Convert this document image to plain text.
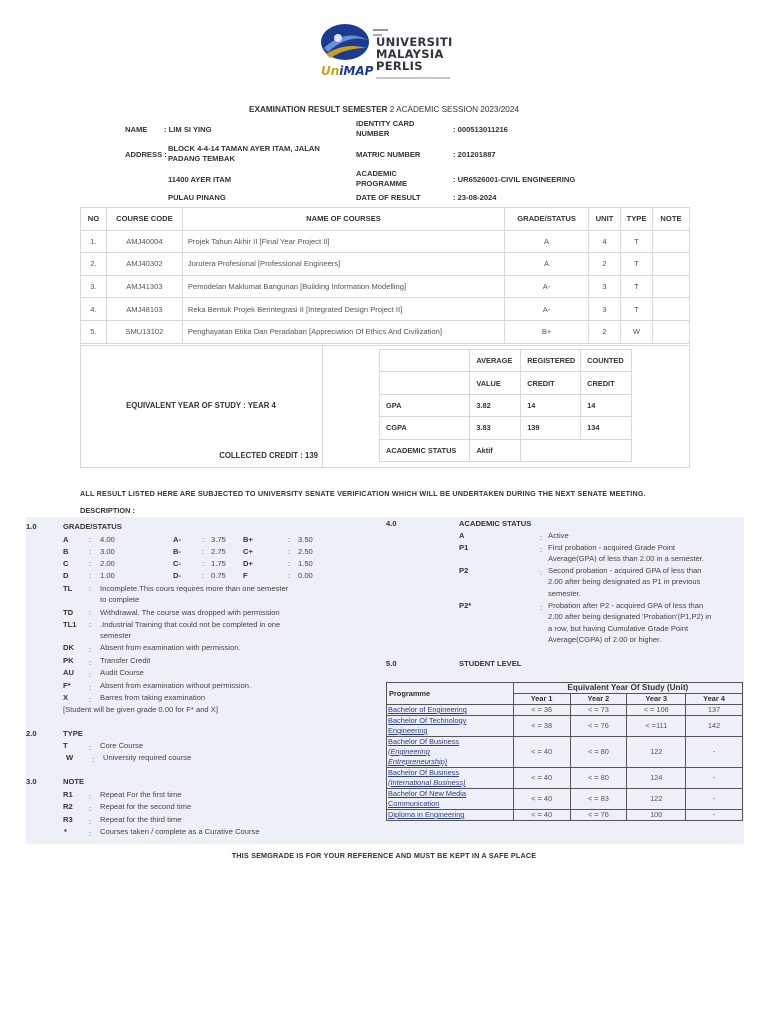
UNIVERSITI
MALAYSIA
PERLIS
UniMAP
EXAMINATION RESULT SEMESTER 2 ACADEMIC SESSION 2023/2024
NAME : LIM SI YING
ADDRESS :
BLOCK 4-4-14 TAMAN AYER ITAM, JALAN PADANG TEMBAK
11400 AYER ITAM
PULAU PINANG
IDENTITY CARD NUMBER	: 000513011216
MATRIC NUMBER	: 201201887
ACADEMIC PROGRAMME	: UR6526001-CIVIL ENGINEERING
DATE OF RESULT	: 23-08-2024
NO	COURSE CODE	NAME OF COURSES	GRADE/STATUS	UNIT	TYPE	NOTE
1.	AMJ40004	Projek Tahun Akhir II [Final Year Project II]	A	4	T	
2.	AMJ40302	Jurutera Profesional [Professional Engineers]	A	2	T	
3.	AMJ41303	Pemodelan Maklumat Bangunan [Building Information Modelling]	A-	3	T	
4.	AMJ48103	Reka Bentuk Projek Berintegrasi II [Integrated Design Project II]	A-	3	T	
5.	SMU13102	Penghayatan Etika Dan Peradaban [Appreciation Of Ethics And Civilization]	B+	2	W	
EQUIVALENT YEAR OF STUDY : YEAR 4
COLLECTED CREDIT : 139
	AVERAGE	REGISTERED	COUNTED
	VALUE	CREDIT	CREDIT
GPA	3.82	14	14
CGPA	3.83	139	134
ACADEMIC STATUS	Aktif		
ALL RESULT LISTED HERE ARE SUBJECTED TO UNIVERSITY SENATE VERIFICATION WHICH WILL BE UNDERTAKEN DURING THE NEXT SENATE MEETING.
DESCRIPTION :
1.0	GRADE/STATUS
A	: 4.00	A-	: 3.75 B+	: 3.50
B	: 3.00	B-	: 2.75 C+	: 2.50
C	: 2.00	C-	: 1.75 D+	: 1.50
D	: 1.00	D-	: 0.75 F	: 0.00
TL : Incomplete.This cours requires more than one semester
to complete
TD : Withdrawal. The course was dropped with permission
TL1 : .Industrial Training that could not be completed in one
semester
DK : Absent from examination with permission.
PK : Transfer Credit
AU : Audit Course
F* : Absent from examination without permission.
X	: Barres from taking examination
[Student will be given grade 0.00 for F* and X]
2.0	TYPE
T	: Core Course
W : University required course
3.0	NOTE
R1 : Repeat For the first time
R2 : Repeat for the second time
R3 : Repeat for the third time
*	: Courses taken / complete as a Curative Course
4.0	ACADEMIC STATUS
A	: Active
P1	: First probation - acquired Grade Point
Average(GPA) of less than 2.00 in a semester.
P2	: Second probation - acquired GPA of less than
2.00 after being designated as P1 in previous
semester.
P2*	: Probation after P2 - acquired GPA of less than
2.00 after being designated 'Probation'(P1,P2) in
a row, but having Cumulative Grade Point
Average(CGPA) of 2.00 or higher.
5.0	STUDENT LEVEL
Programme	Equivalent Year Of Study (Unit)			
	Year 1	Year 2	Year 3	Year 4
Bachelor of Engineering	< = 36	< = 73	< = 106	137

Bachelor Of Technology
Engineering	< = 38	< = 76	< =111	142

Bachelor Of Business
(Engineering
Entrepreneurship)	< = 40	< = 80	122	-

Bachelor Of Business
(International Business)	< = 40	< = 80	124	-

Bachelor Of New Media
Communication	< = 40	< = 83	122	-
Diploma in Engineering	< = 40	< = 76	100	-
THIS SEMGRADE IS FOR YOUR REFERENCE AND MUST BE KEPT IN A SAFE PLACE
